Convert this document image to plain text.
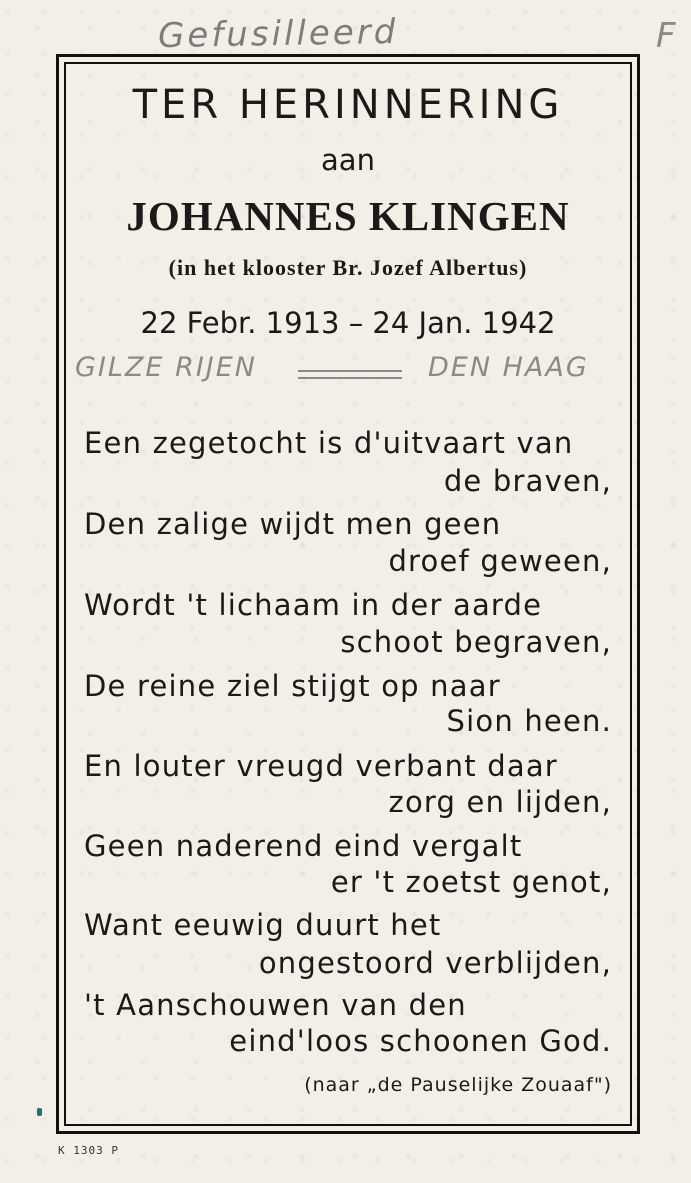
Gefusilleerd	F
TER HERINNERING
aan
JOHANNES KLINGEN
(in het klooster Br. Jozef Albertus)
22 Febr. 1913 – 24 Jan. 1942
GILZE RIJEN	DEN HAAG
Een zegetocht is d'uitvaart van
de braven,
Den zalige wijdt men geen
droef geween,
Wordt 't lichaam in der aarde
schoot begraven,
De reine ziel stijgt op naar
Sion heen.
En louter vreugd verbant daar
zorg en lijden,
Geen naderend eind vergalt
er 't zoetst genot,
Want eeuwig duurt het
ongestoord verblijden,
't Aanschouwen van den
eind'loos schoonen God.
(naar „de Pauselijke Zouaaf")
K 1303 P
